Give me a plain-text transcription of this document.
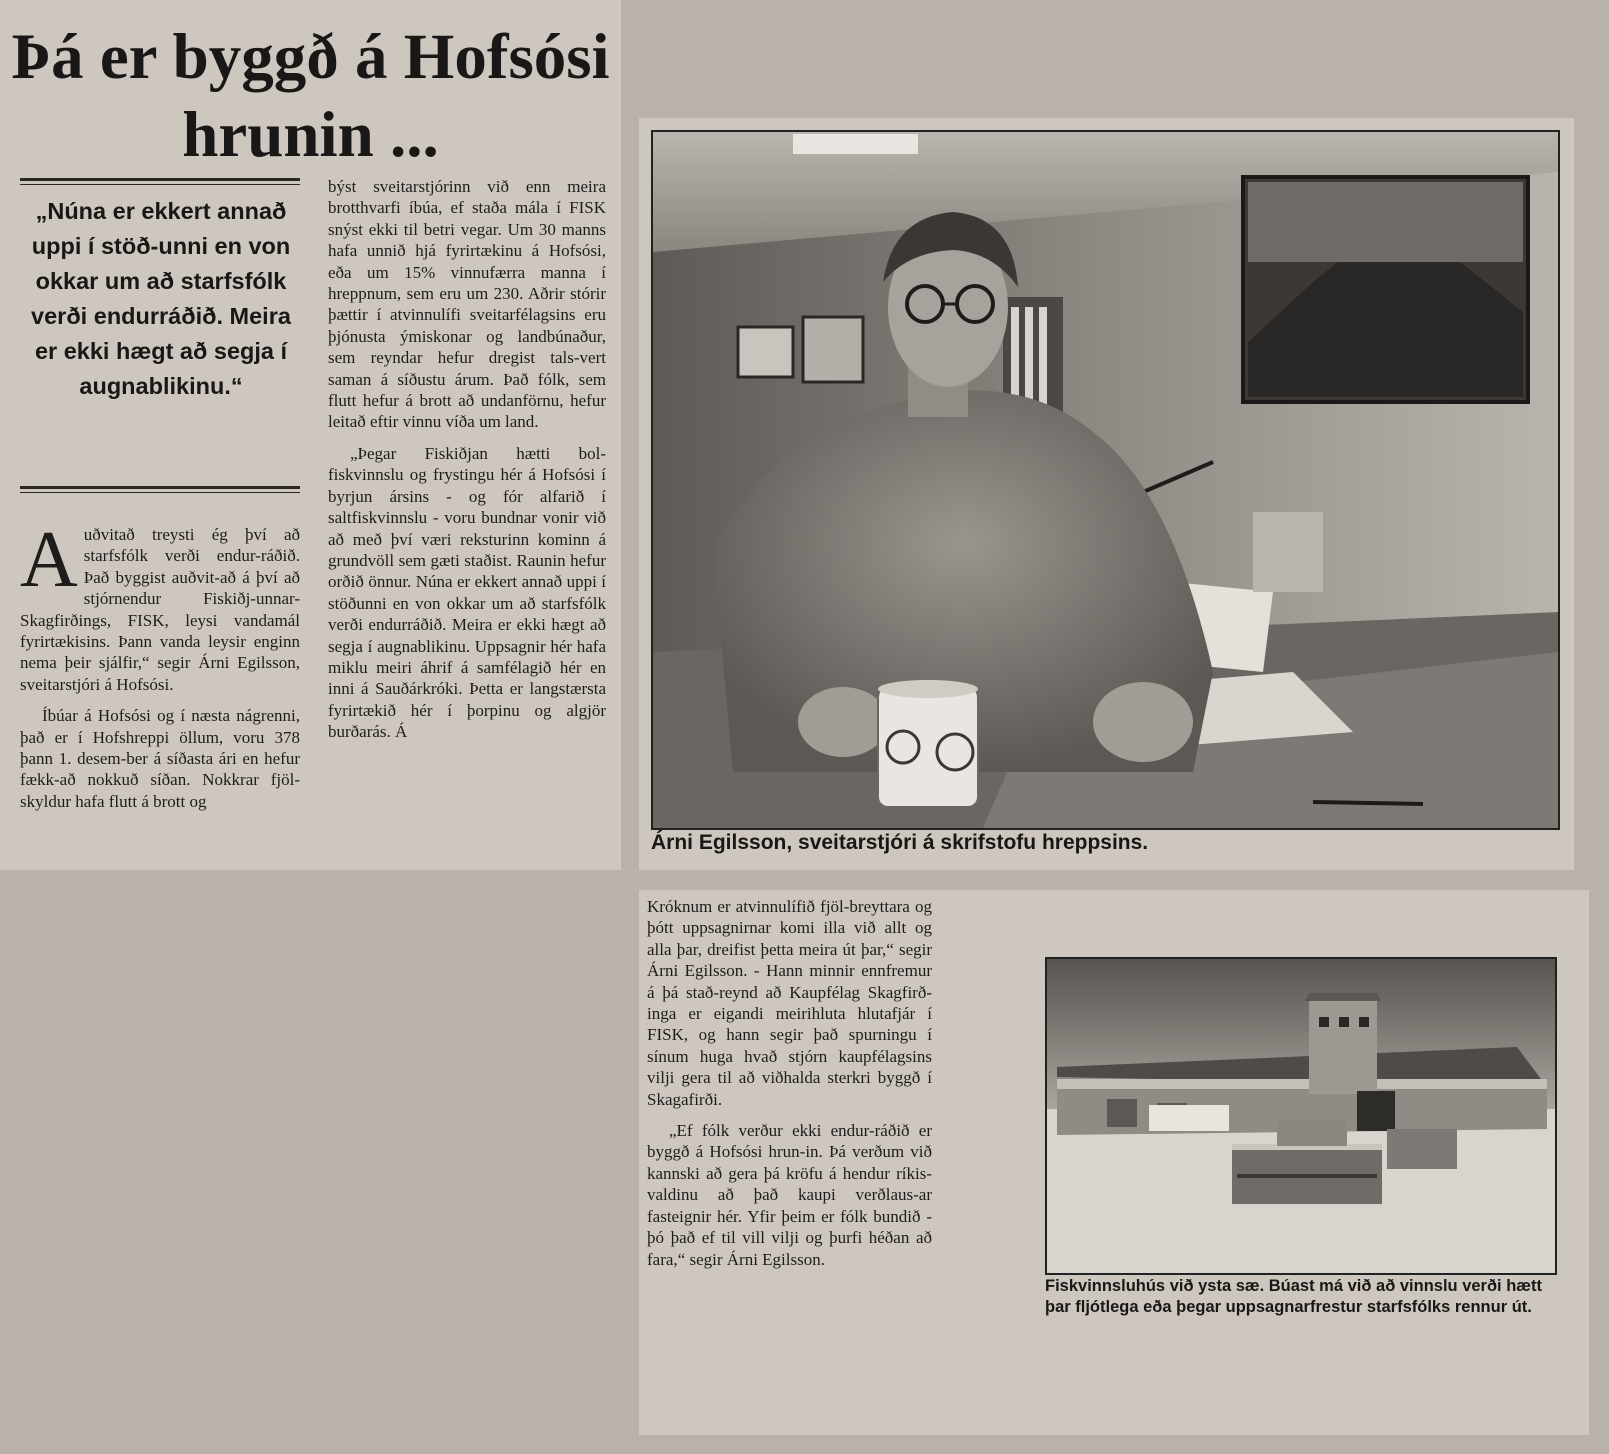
Þá er byggð á Hofsósi hrunin ...
„Núna er ekkert annað uppi í stöð-unni en von okkar um að starfsfólk verði endurráðið. Meira er ekki hægt að segja í augnablikinu.“

Auðvitað treysti ég því að starfsfólk verði endur-ráðið. Það byggist auðvit-að á því að stjórnendur Fiskiðj-unnar-Skagfirðings, FISK, leysi vandamál fyrirtækisins. Þann vanda leysir enginn nema þeir sjálfir,“ segir Árni Egilsson, sveitarstjóri á Hofsósi.

Íbúar á Hofsósi og í næsta nágrenni, það er í Hofshreppi öllum, voru 378 þann 1. desem-ber á síðasta ári en hefur fækk-að nokkuð síðan. Nokkrar fjöl-skyldur hafa flutt á brott og

býst sveitarstjórinn við enn meira brotthvarfi íbúa, ef staða mála í FISK snýst ekki til betri vegar. Um 30 manns hafa unnið hjá fyrirtækinu á Hofsósi, eða um 15% vinnufærra manna í hreppnum, sem eru um 230. Aðrir stórir þættir í atvinnulífi sveitarfélagsins eru þjónusta ýmiskonar og landbúnaður, sem reyndar hefur dregist tals-vert saman á síðustu árum. Það fólk, sem flutt hefur á brott að undanförnu, hefur leitað eftir vinnu víða um land.

„Þegar Fiskiðjan hætti bol-fiskvinnslu og frystingu hér á Hofsósi í byrjun ársins - og fór alfarið í saltfiskvinnslu - voru bundnar vonir við að með því væri reksturinn kominn á grundvöll sem gæti staðist. Raunin hefur orðið önnur. Núna er ekkert annað uppi í stöðunni en von okkar um að starfsfólk verði endurráðið. Meira er ekki hægt að segja í augnablikinu. Uppsagnir hér hafa miklu meiri áhrif á samfélagið hér en inni á Sauðárkróki. Þetta er langstærsta fyrirtækið hér í þorpinu og algjör burðarás. Á

Árni Egilsson, sveitarstjóri á skrifstofu hreppsins.

Króknum er atvinnulífið fjöl-breyttara og þótt uppsagnirnar komi illa við allt og alla þar, dreifist þetta meira út þar,“ segir Árni Egilsson. - Hann minnir ennfremur á þá stað-reynd að Kaupfélag Skagfirð-inga er eigandi meirihluta hlutafjár í FISK, og hann segir það spurningu í sínum huga hvað stjórn kaupfélagsins vilji gera til að viðhalda sterkri byggð í Skagafirði.

„Ef fólk verður ekki endur-ráðið er byggð á Hofsósi hrun-in. Þá verðum við kannski að gera þá kröfu á hendur ríkis-valdinu að það kaupi verðlaus-ar fasteignir hér. Yfir þeim er fólk bundið - þó það ef til vill vilji og þurfi héðan að fara,“ segir Árni Egilsson.

Fiskvinnsluhús við ysta sæ. Búast má við að vinnslu verði hætt þar fljótlega eða þegar uppsagnarfrestur starfsfólks rennur út.
